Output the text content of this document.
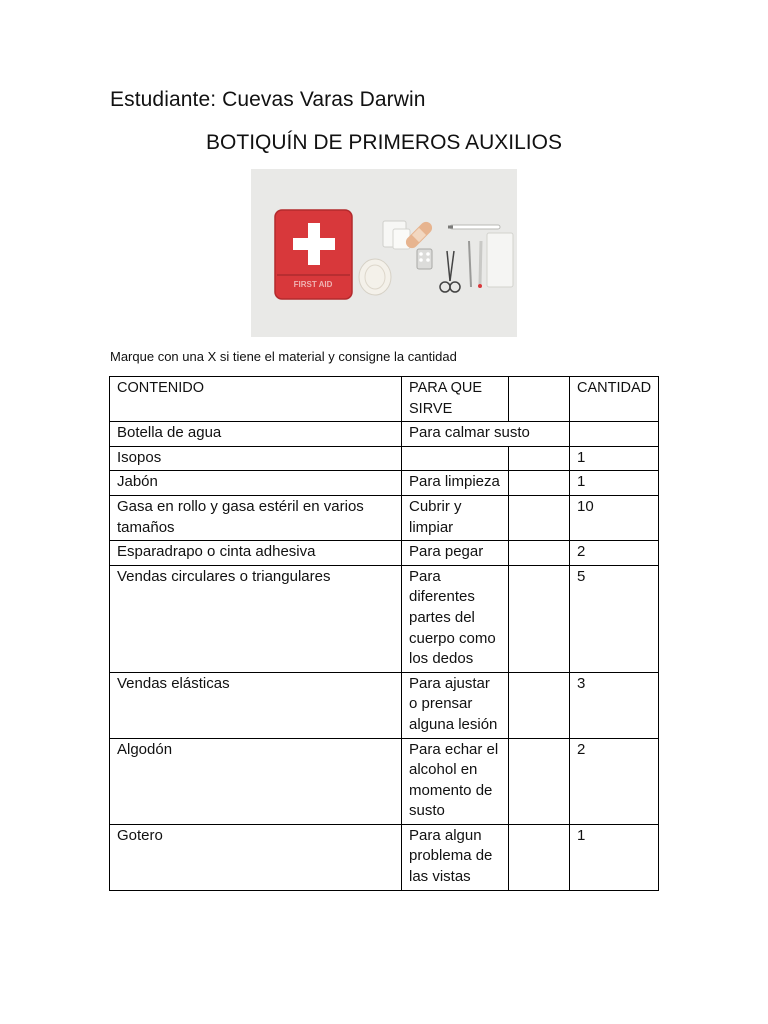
Estudiante: Cuevas Varas Darwin
BOTIQUÍN DE PRIMEROS AUXILIOS
FIRST AID
Marque con una X si tiene el material y consigne la cantidad
CONTENIDO	PARA QUE SIRVE		CANTIDAD
Botella de agua	Para calmar susto		
Isopos			1
Jabón	Para limpieza		1
Gasa en rollo y gasa estéril en varios tamaños	Cubrir y limpiar		10
Esparadrapo o cinta adhesiva	Para pegar		2
Vendas circulares o triangulares	Para diferentes partes del cuerpo como los dedos		5
Vendas elásticas	Para ajustar o prensar alguna lesión		3
Algodón	Para echar el alcohol en momento de susto		2
Gotero	Para algun problema de las vistas		1
